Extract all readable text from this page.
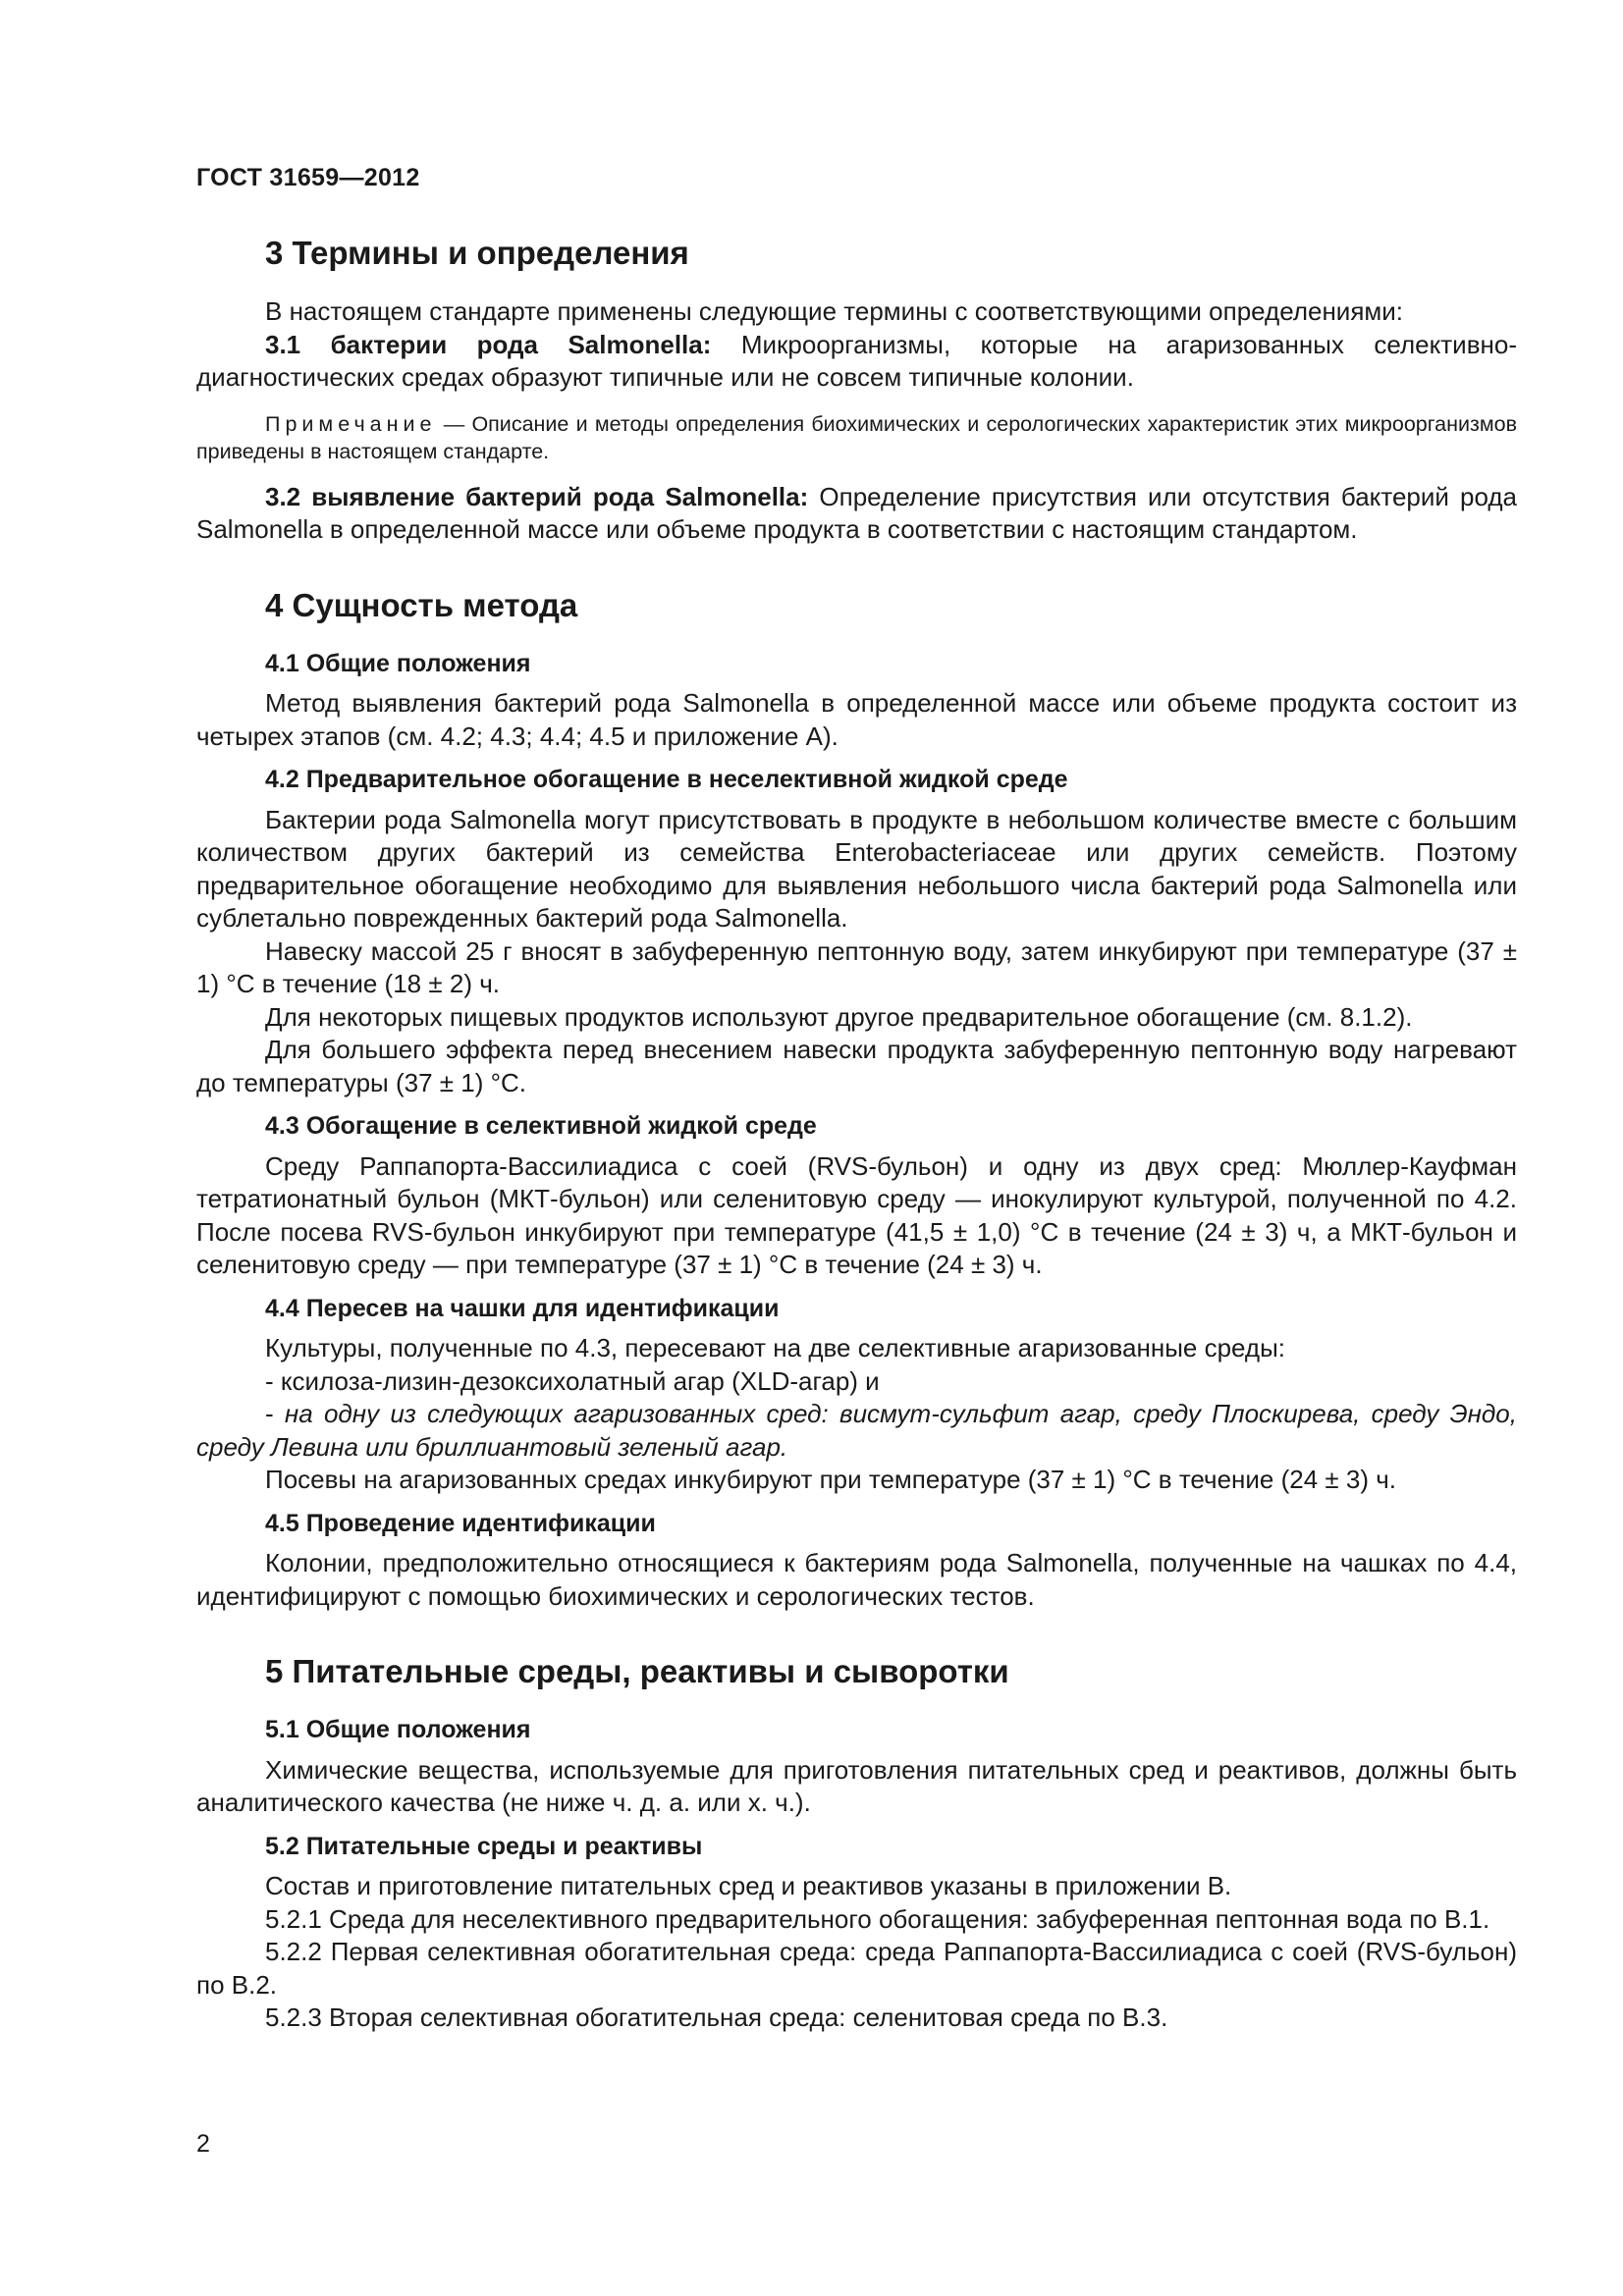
ГОСТ 31659—2012
3 Термины и определения

В настоящем стандарте применены следующие термины с соответствующими определениями:

3.1 бактерии рода Salmonella: Микроорганизмы, которые на агаризованных селективно-диагностических средах образуют типичные или не совсем типичные колонии.

Примечание — Описание и методы определения биохимических и серологических характеристик этих микроорганизмов приведены в настоящем стандарте.

3.2 выявление бактерий рода Salmonella: Определение присутствия или отсутствия бактерий рода Salmonella в определенной массе или объеме продукта в соответствии с настоящим стандартом.

4 Сущность метода
4.1 Общие положения

Метод выявления бактерий рода Salmonella в определенной массе или объеме продукта состоит из четырех этапов (см. 4.2; 4.3; 4.4; 4.5 и приложение А).

4.2 Предварительное обогащение в неселективной жидкой среде

Бактерии рода Salmonella могут присутствовать в продукте в небольшом количестве вместе с большим количеством других бактерий из семейства Enterobacteriaceae или других семейств. Поэтому предварительное обогащение необходимо для выявления небольшого числа бактерий рода Salmonella или сублетально поврежденных бактерий рода Salmonella.

Навеску массой 25 г вносят в забуференную пептонную воду, затем инкубируют при температуре (37 ± 1) °С в течение (18 ± 2) ч.

Для некоторых пищевых продуктов используют другое предварительное обогащение (см. 8.1.2).

Для большего эффекта перед внесением навески продукта забуференную пептонную воду нагревают до температуры (37 ± 1) °С.

4.3 Обогащение в селективной жидкой среде

Среду Раппапорта-Вассилиадиса с соей (RVS-бульон) и одну из двух сред: Мюллер-Кауфман тетратионатный бульон (МКТ-бульон) или селенитовую среду — инокулируют культурой, полученной по 4.2. После посева RVS-бульон инкубируют при температуре (41,5 ± 1,0) °С в течение (24 ± 3) ч, а МКТ-бульон и селенитовую среду — при температуре (37 ± 1) °С в течение (24 ± 3) ч.

4.4 Пересев на чашки для идентификации

Культуры, полученные по 4.3, пересевают на две селективные агаризованные среды:

- ксилоза-лизин-дезоксихолатный агар (XLD-агар) и

- на одну из следующих агаризованных сред: висмут-сульфит агар, среду Плоскирева, среду Эндо, среду Левина или бриллиантовый зеленый агар.

Посевы на агаризованных средах инкубируют при температуре (37 ± 1) °С в течение (24 ± 3) ч.

4.5 Проведение идентификации

Колонии, предположительно относящиеся к бактериям рода Salmonella, полученные на чашках по 4.4, идентифицируют с помощью биохимических и серологических тестов.

5 Питательные среды, реактивы и сыворотки
5.1 Общие положения

Химические вещества, используемые для приготовления питательных сред и реактивов, должны быть аналитического качества (не ниже ч. д. а. или х. ч.).

5.2 Питательные среды и реактивы

Состав и приготовление питательных сред и реактивов указаны в приложении В.

5.2.1 Среда для неселективного предварительного обогащения: забуференная пептонная вода по В.1.

5.2.2 Первая селективная обогатительная среда: среда Раппапорта-Вассилиадиса с соей (RVS-бульон) по В.2.

5.2.3 Вторая селективная обогатительная среда: селенитовая среда по В.3.

2
